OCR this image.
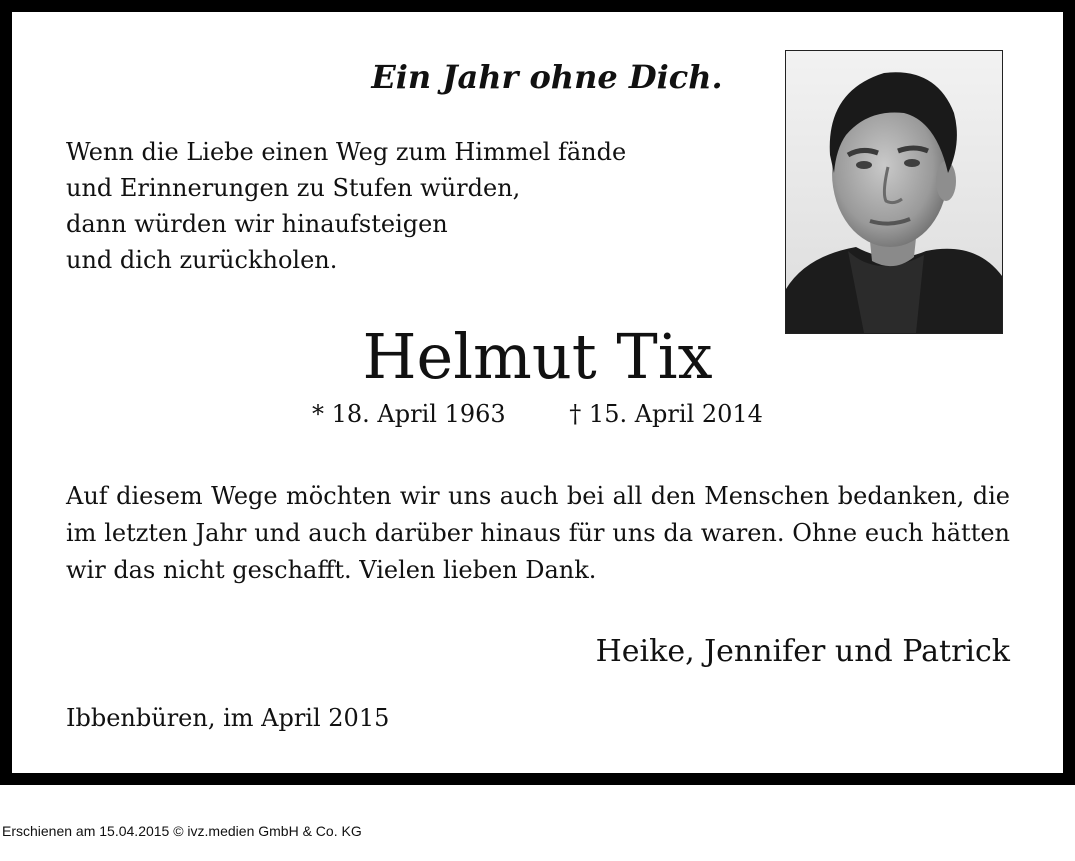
Ein Jahr ohne Dich.
Wenn die Liebe einen Weg zum Himmel fände
und Erinnerungen zu Stufen würden,
dann würden wir hinaufsteigen
und dich zurückholen.
Helmut Tix
* 18. April 1963	† 15. April 2014

Auf diesem Wege möchten wir uns auch bei all den Menschen bedanken, die im letzten Jahr und auch darüber hinaus für uns da waren. Ohne euch hätten wir das nicht geschafft. Vielen lieben Dank.

Heike, Jennifer und Patrick
Ibbenbüren, im April 2015
Erschienen am 15.04.2015 © ivz.medien GmbH & Co. KG
